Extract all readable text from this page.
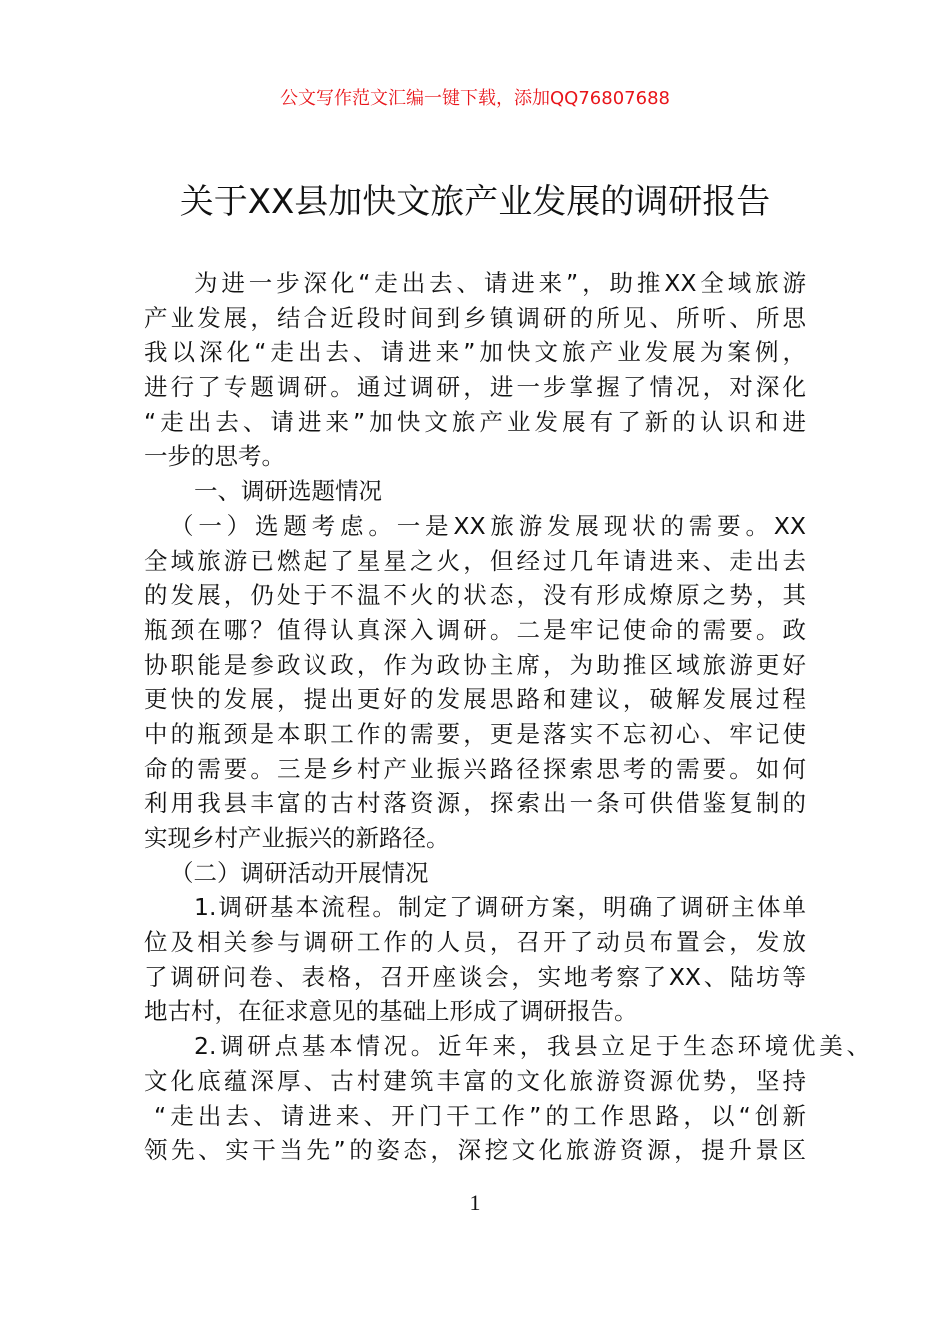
公文写作范文汇编一键下载，添加QQ76807688
关于XX县加快文旅产业发展的调研报告
为进一步深化“走出去、请进来”，助推XX全域旅游
产业发展，结合近段时间到乡镇调研的所见、所听、所思
我以深化“走出去、请进来”加快文旅产业发展为案例，
进行了专题调研。通过调研，进一步掌握了情况，对深化
“走出去、请进来”加快文旅产业发展有了新的认识和进
一步的思考。
一、调研选题情况
（一）选题考虑。一是XX旅游发展现状的需要。XX
全域旅游已燃起了星星之火，但经过几年请进来、走出去
的发展，仍处于不温不火的状态，没有形成燎原之势，其
瓶颈在哪？值得认真深入调研。二是牢记使命的需要。政
协职能是参政议政，作为政协主席，为助推区域旅游更好
更快的发展，提出更好的发展思路和建议，破解发展过程
中的瓶颈是本职工作的需要，更是落实不忘初心、牢记使
命的需要。三是乡村产业振兴路径探索思考的需要。如何
利用我县丰富的古村落资源，探索出一条可供借鉴复制的
实现乡村产业振兴的新路径。
（二）调研活动开展情况
1.调研基本流程。制定了调研方案，明确了调研主体单
位及相关参与调研工作的人员，召开了动员布置会，发放
了调研问卷、表格，召开座谈会，实地考察了XX、陆坊等
地古村，在征求意见的基础上形成了调研报告。
2.调研点基本情况。近年来，我县立足于生态环境优美、
文化底蕴深厚、古村建筑丰富的文化旅游资源优势，坚持
“走出去、请进来、开门干工作”的工作思路，以“创新
领先、实干当先”的姿态，深挖文化旅游资源，提升景区
1
